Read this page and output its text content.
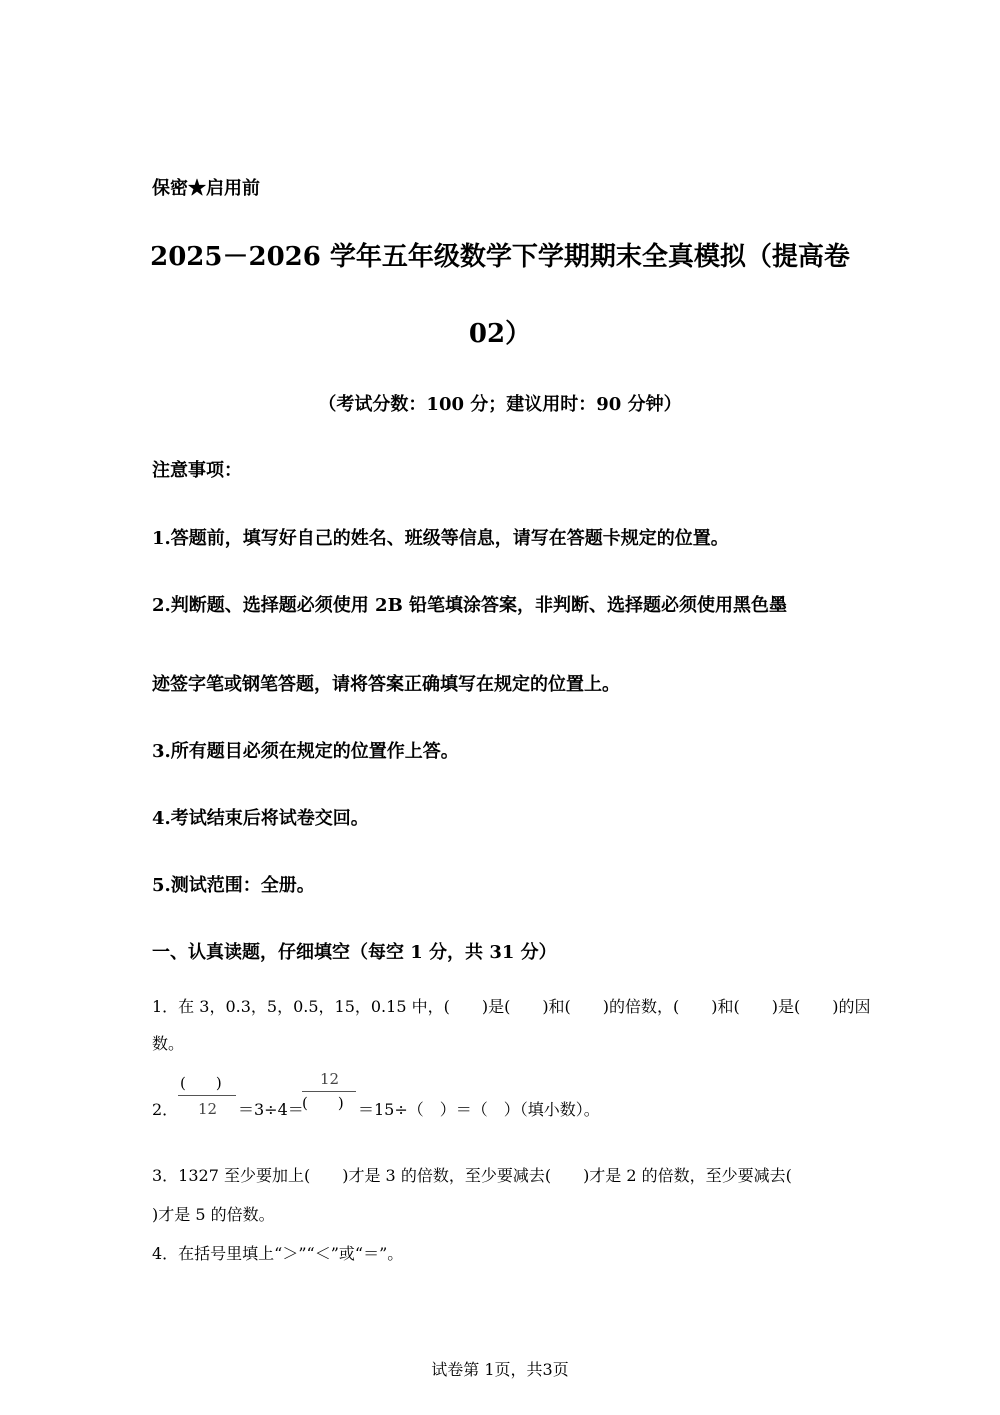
保密★启用前
2025－2026 学年五年级数学下学期期末全真模拟（提高卷
02）
（考试分数：100 分；建议用时：90 分钟）
注意事项：
1.答题前，填写好自己的姓名、班级等信息，请写在答题卡规定的位置。
2.判断题、选择题必须使用 2B 铅笔填涂答案，非判断、选择题必须使用黑色墨
迹签字笔或钢笔答题，请将答案正确填写在规定的位置上。
3.所有题目必须在规定的位置作上答。
4.考试结束后将试卷交回。
5.测试范围：全册。
一、认真读题，仔细填空（每空 1 分，共 31 分）
1．在 3，0.3，5，0.5，15，0.15 中，(　　)是(　　)和(　　)的倍数，(　　)和(　　)是(　　)的因
数。
2．
(　　)
12 ＝3÷4＝
12
(　　) ＝15÷（　）＝（　）（填小数）。
3．1327 至少要加上(　　)才是 3 的倍数，至少要减去(　　)才是 2 的倍数，至少要减去(
)才是 5 的倍数。
4．在括号里填上“＞”“＜”或“＝”。
试卷第 1页，共3页
